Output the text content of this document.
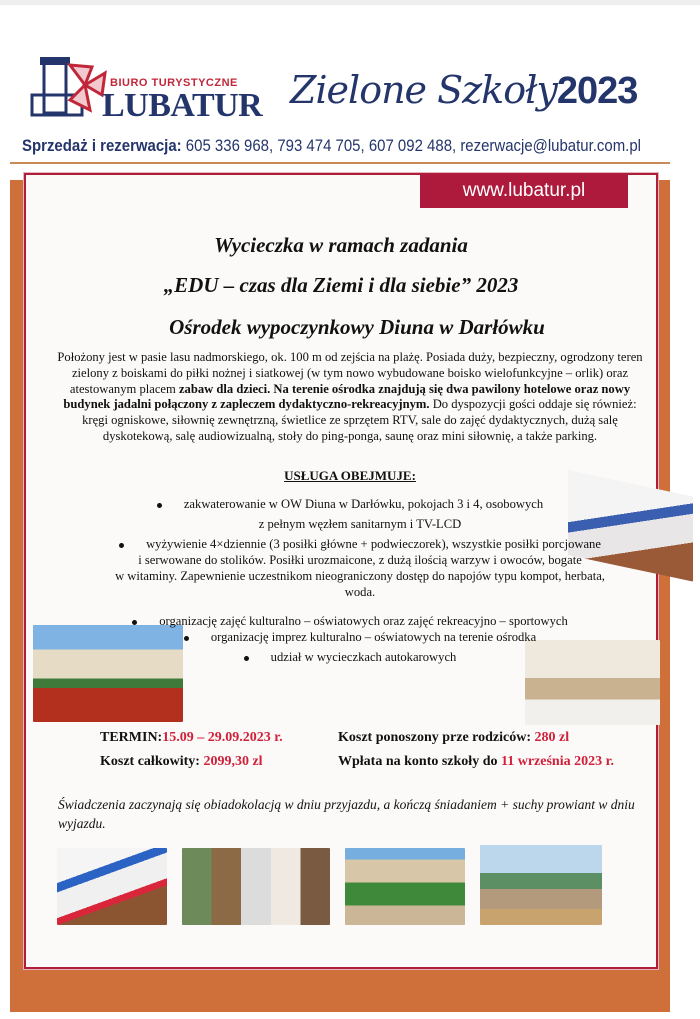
BIURO TURYSTYCZNE
LUBATUR Zielone Szkoły2023
Sprzedaż i rezerwacja: 605 336 968, 793 474 705, 607 092 488, rezerwacje@lubatur.com.pl
www.lubatur.pl
Wycieczka w ramach zadania
„EDU – czas dla Ziemi i dla siebie” 2023
Ośrodek wypoczynkowy Diuna w Darłówku
Położony jest w pasie lasu nadmorskiego, ok. 100 m od zejścia na plażę. Posiada duży, bezpieczny, ogrodzony teren zielony z boiskami do piłki nożnej i siatkowej (w tym nowo wybudowane boisko wielofunkcyjne – orlik) oraz atestowanym placem zabaw dla dzieci. Na terenie ośrodka znajdują się dwa pawilony hotelowe oraz nowy budynek jadalni połączony z zapleczem dydaktyczno-rekreacyjnym. Do dyspozycji gości oddaje się również: kręgi ogniskowe, siłownię zewnętrzną, świetlice ze sprzętem RTV, sale do zajęć dydaktycznych, dużą salę dyskotekową, salę audiowizualną, stoły do ping-ponga, saunę oraz mini siłownię, a także parking.
USŁUGA OBEJMUJE:
zakwaterowanie w OW Diuna w Darłówku, pokojach 3 i 4, osobowych
z pełnym węzłem sanitarnym i TV-LCD
wyżywienie 4×dziennie (3 posiłki główne + podwieczorek), wszystkie posiłki porcjowane
i serwowane do stolików. Posiłki urozmaicone, z dużą ilością warzyw i owoców, bogate
w witaminy. Zapewnienie uczestnikom nieograniczony dostęp do napojów typu kompot, herbata,
woda.
organizację zajęć kulturalno – oświatowych oraz zajęć rekreacyjno – sportowych
organizację imprez kulturalno – oświatowych na terenie ośrodka
udział w wycieczkach autokarowych
TERMIN:15.09 – 29.09.2023 r.	Koszt ponoszony prze rodziców: 280 zl
Koszt całkowity: 2099,30 zl	Wpłata na konto szkoły do 11 września 2023 r.
Świadczenia zaczynają się obiadokolacją w dniu przyjazdu, a kończą śniadaniem + suchy prowiant w dniu wyjazdu.
